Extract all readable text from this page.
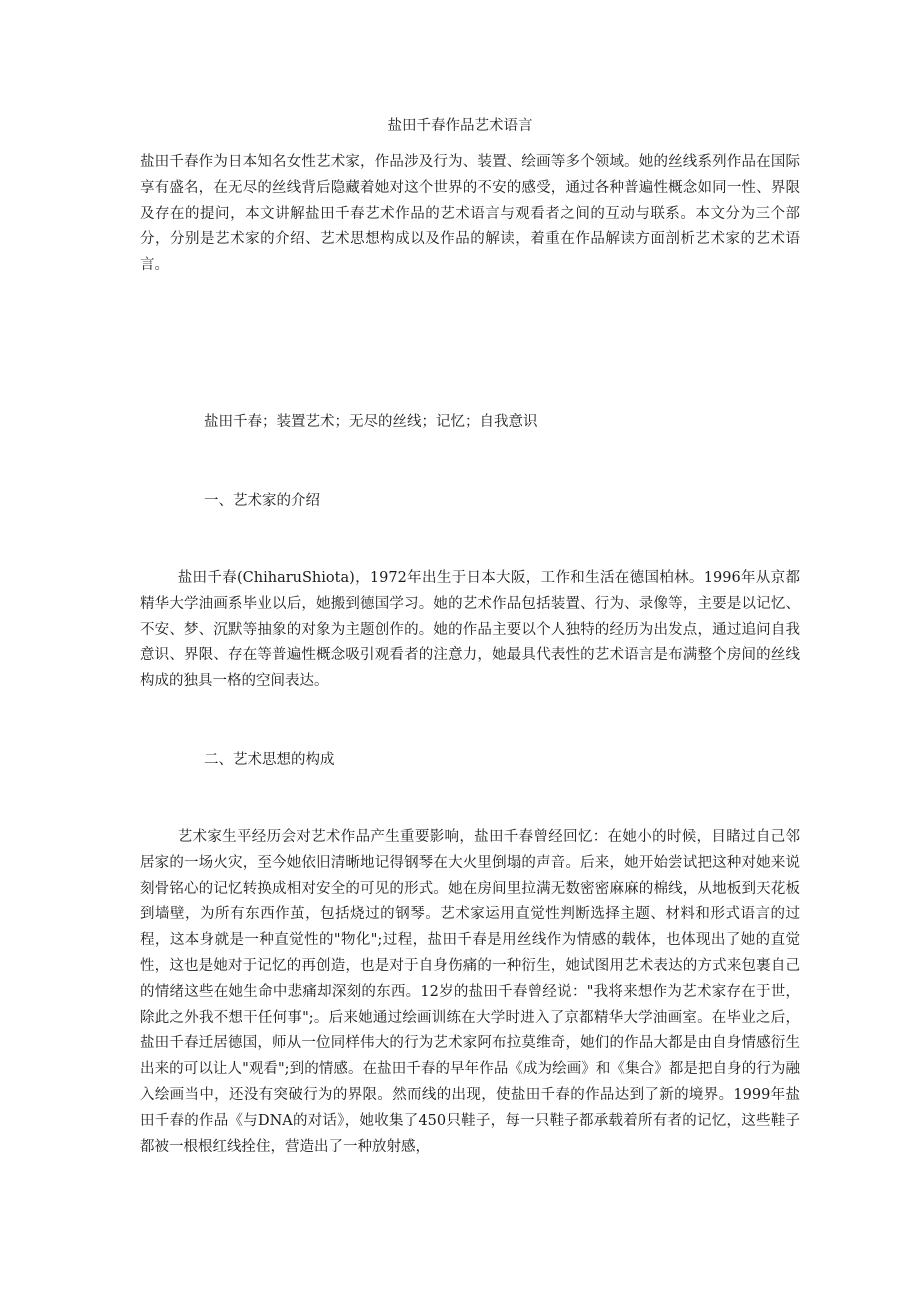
盐田千春作品艺术语言

盐田千春作为日本知名女性艺术家，作品涉及行为、装置、绘画等多个领域。她的丝线系列作品在国际享有盛名，在无尽的丝线背后隐藏着她对这个世界的不安的感受，通过各种普遍性概念如同一性、界限及存在的提问，本文讲解盐田千春艺术作品的艺术语言与观看者之间的互动与联系。本文分为三个部分，分别是艺术家的介绍、艺术思想构成以及作品的解读，着重在作品解读方面剖析艺术家的艺术语言。

盐田千春；装置艺术；无尽的丝线；记忆；自我意识

一、艺术家的介绍

盐田千春(ChiharuShiota)，1972年出生于日本大阪，工作和生活在德国柏林。1996年从京都精华大学油画系毕业以后，她搬到德国学习。她的艺术作品包括装置、行为、录像等，主要是以记忆、不安、梦、沉默等抽象的对象为主题创作的。她的作品主要以个人独特的经历为出发点，通过追问自我意识、界限、存在等普遍性概念吸引观看者的注意力，她最具代表性的艺术语言是布满整个房间的丝线构成的独具一格的空间表达。

二、艺术思想的构成

艺术家生平经历会对艺术作品产生重要影响，盐田千春曾经回忆：在她小的时候，目睹过自己邻居家的一场火灾，至今她依旧清晰地记得钢琴在大火里倒塌的声音。后来，她开始尝试把这种对她来说刻骨铭心的记忆转换成相对安全的可见的形式。她在房间里拉满无数密密麻麻的棉线，从地板到天花板到墙壁，为所有东西作茧，包括烧过的钢琴。艺术家运用直觉性判断选择主题、材料和形式语言的过程，这本身就是一种直觉性的"物化";过程，盐田千春是用丝线作为情感的载体，也体现出了她的直觉性，这也是她对于记忆的再创造，也是对于自身伤痛的一种衍生，她试图用艺术表达的方式来包裹自己的情绪这些在她生命中悲痛却深刻的东西。12岁的盐田千春曾经说："我将来想作为艺术家存在于世，除此之外我不想干任何事";。后来她通过绘画训练在大学时进入了京都精华大学油画室。在毕业之后，盐田千春迁居德国，师从一位同样伟大的行为艺术家阿布拉莫维奇，她们的作品大都是由自身情感衍生出来的可以让人"观看";到的情感。在盐田千春的早年作品《成为绘画》和《集合》都是把自身的行为融入绘画当中，还没有突破行为的界限。然而线的出现，使盐田千春的作品达到了新的境界。1999年盐田千春的作品《与DNA的对话》，她收集了450只鞋子，每一只鞋子都承载着所有者的记忆，这些鞋子都被一根根红线拴住，营造出了一种放射感，
